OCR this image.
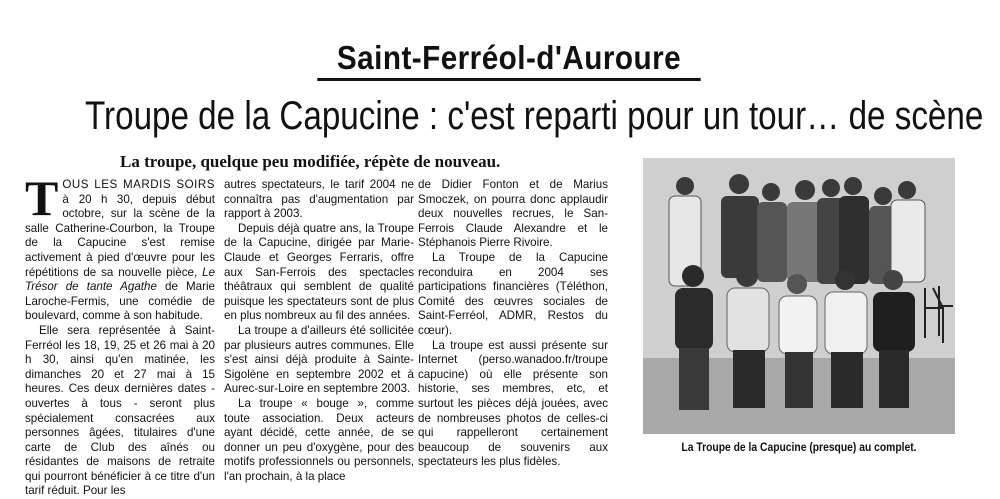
Saint-Ferréol-d'Auroure
Troupe de la Capucine : c'est reparti pour un tour… de scène
La troupe, quelque peu modifiée, répète de nouveau.

TOUS LES MARDIS SOIRS à 20 h 30, depuis début octobre, sur la scène de la salle Catherine-Courbon, la Troupe de la Capucine s'est remise activement à pied d'œuvre pour les répétitions de sa nouvelle pièce, Le Trésor de tante Agathe de Marie Laroche-Fermis, une comédie de boulevard, comme à son habitude.

Elle sera représentée à Saint-Ferréol les 18, 19, 25 et 26 mai à 20 h 30, ainsi qu'en matinée, les dimanches 20 et 27 mai à 15 heures. Ces deux dernières dates - ouvertes à tous - seront plus spécialement consacrées aux personnes âgées, titulaires d'une carte de Club des aînés ou résidantes de maisons de retraite qui pourront bénéficier à ce titre d'un tarif réduit. Pour les

autres spectateurs, le tarif 2004 ne connaîtra pas d'augmentation par rapport à 2003.

Depuis déjà quatre ans, la Troupe de la Capucine, dirigée par Marie-Claude et Georges Ferraris, offre aux San-Ferrois des spectacles théâtraux qui semblent de qualité puisque les spectateurs sont de plus en plus nombreux au fil des années.

La troupe a d'ailleurs été sollicitée par plusieurs autres communes. Elle s'est ainsi déjà produite à Sainte-Sigolène en septembre 2002 et à Aurec-sur-Loire en septembre 2003.

La troupe « bouge », comme toute association. Deux acteurs ayant décidé, cette année, de se donner un peu d'oxygène, pour des motifs professionnels ou personnels, l'an prochain, à la place

de Didier Fonton et de Marius Smoczek, on pourra donc applaudir deux nouvelles recrues, le San-Ferrois Claude Alexandre et le Stéphanois Pierre Rivoire.

La Troupe de la Capucine reconduira en 2004 ses participations financières (Téléthon, Comité des œuvres sociales de Saint-Ferréol, ADMR, Restos du cœur).

La troupe est aussi présente sur Internet (perso.wanadoo.fr/troupe capucine) où elle présente son historie, ses membres, etc, et surtout les pièces déjà jouées, avec de nombreuses photos de celles-ci qui rappelleront certainement beaucoup de souvenirs aux spectateurs les plus fidèles.

La Troupe de la Capucine (presque) au complet.
